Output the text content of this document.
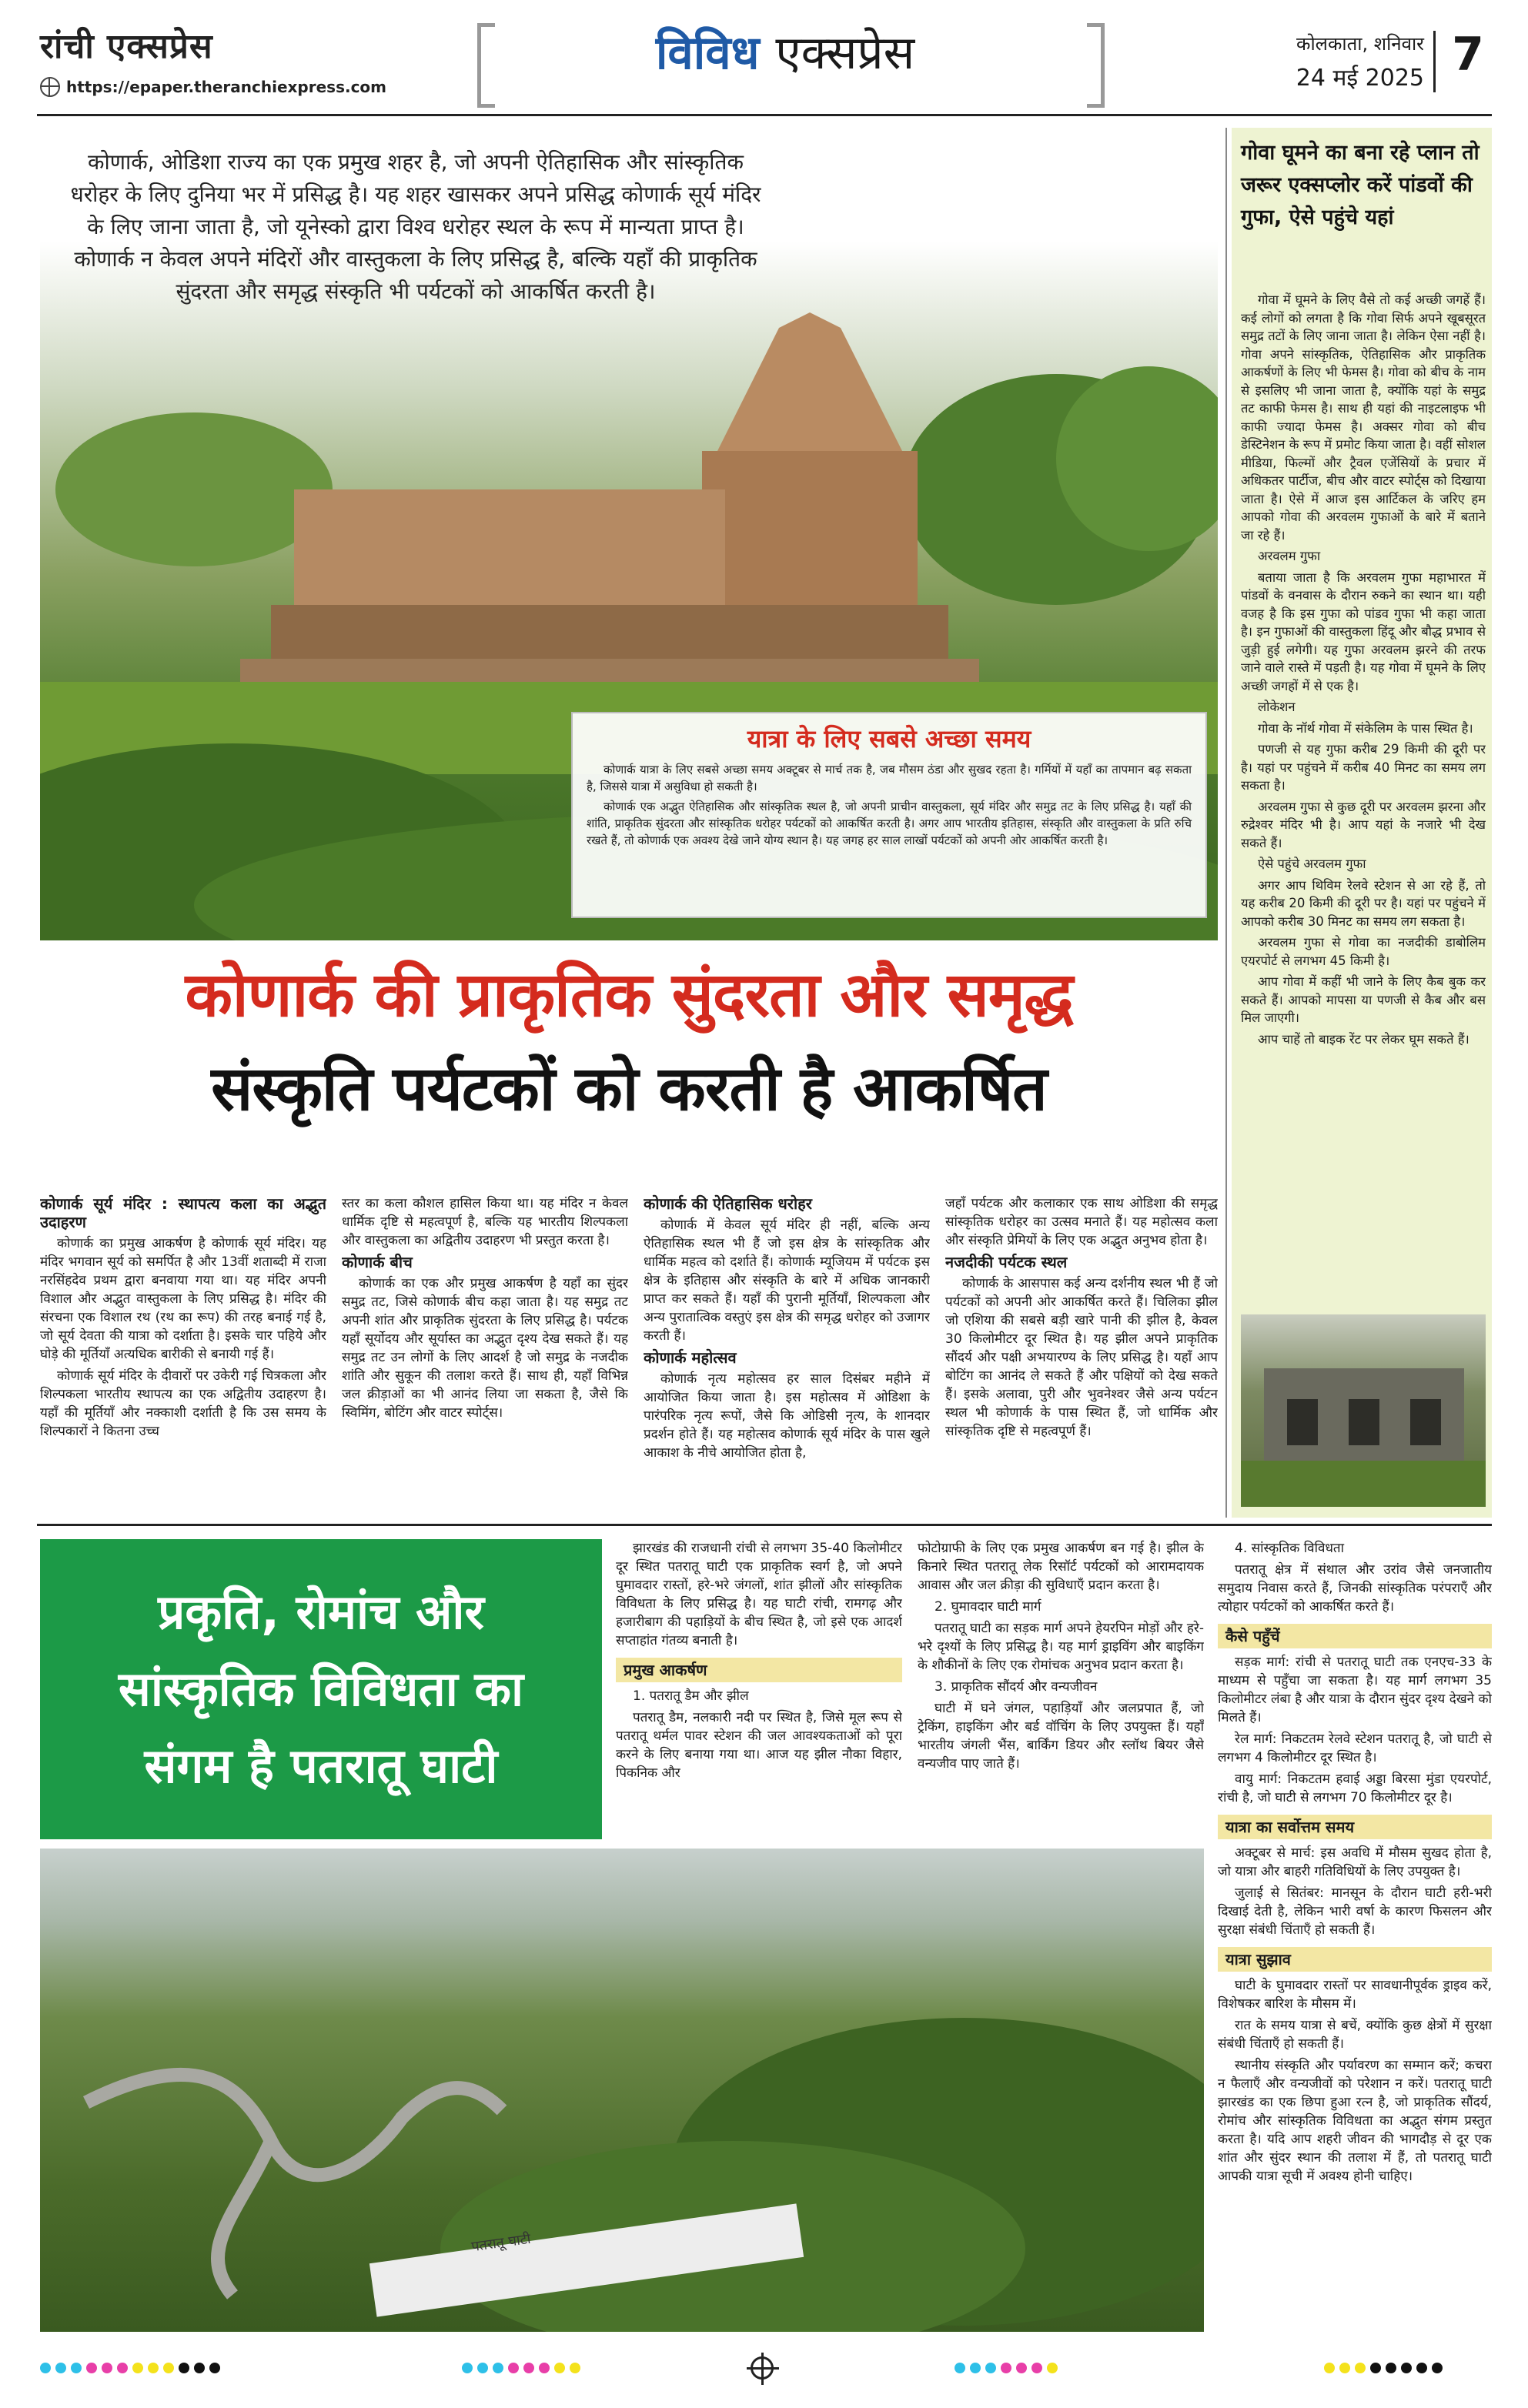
रांची एक्सप्रेस
https://epaper.theranchiexpress.com
विविध एक्सप्रेस	कोलकाता, शनिवार
24 मई 2025 7
कोणार्क, ओडिशा राज्य का एक प्रमुख शहर है, जो अपनी ऐतिहासिक और सांस्कृतिक धरोहर के लिए दुनिया भर में प्रसिद्ध है। यह शहर खासकर अपने प्रसिद्ध कोणार्क सूर्य मंदिर के लिए जाना जाता है, जो यूनेस्को द्वारा विश्व धरोहर स्थल के रूप में मान्यता प्राप्त है। कोणार्क न केवल अपने मंदिरों और वास्तुकला के लिए प्रसिद्ध है, बल्कि यहाँ की प्राकृतिक सुंदरता और समृद्ध संस्कृति भी पर्यटकों को आकर्षित करती है।
यात्रा के लिए सबसे अच्छा समय

कोणार्क यात्रा के लिए सबसे अच्छा समय अक्टूबर से मार्च तक है, जब मौसम ठंडा और सुखद रहता है। गर्मियों में यहाँ का तापमान बढ़ सकता है, जिससे यात्रा में असुविधा हो सकती है।

कोणार्क एक अद्भुत ऐतिहासिक और सांस्कृतिक स्थल है, जो अपनी प्राचीन वास्तुकला, सूर्य मंदिर और समुद्र तट के लिए प्रसिद्ध है। यहाँ की शांति, प्राकृतिक सुंदरता और सांस्कृतिक धरोहर पर्यटकों को आकर्षित करती है। अगर आप भारतीय इतिहास, संस्कृति और वास्तुकला के प्रति रुचि रखते हैं, तो कोणार्क एक अवश्य देखे जाने योग्य स्थान है। यह जगह हर साल लाखों पर्यटकों को अपनी ओर आकर्षित करती है।

कोणार्क की प्राकृतिक सुंदरता और समृद्ध
संस्कृति पर्यटकों को करती है आकर्षित

कोणार्क सूर्य मंदिर : स्थापत्य कला का अद्भुत उदाहरण

कोणार्क का प्रमुख आकर्षण है कोणार्क सूर्य मंदिर। यह मंदिर भगवान सूर्य को समर्पित है और 13वीं शताब्दी में राजा नरसिंहदेव प्रथम द्वारा बनवाया गया था। यह मंदिर अपनी विशाल और अद्भुत वास्तुकला के लिए प्रसिद्ध है। मंदिर की संरचना एक विशाल रथ (रथ का रूप) की तरह बनाई गई है, जो सूर्य देवता की यात्रा को दर्शाता है। इसके चार पहिये और घोड़े की मूर्तियाँ अत्यधिक बारीकी से बनायी गई हैं।

कोणार्क सूर्य मंदिर के दीवारों पर उकेरी गई चित्रकला और शिल्पकला भारतीय स्थापत्य का एक अद्वितीय उदाहरण है। यहाँ की मूर्तियाँ और नक्काशी दर्शाती है कि उस समय के शिल्पकारों ने कितना उच्च

स्तर का कला कौशल हासिल किया था। यह मंदिर न केवल धार्मिक दृष्टि से महत्वपूर्ण है, बल्कि यह भारतीय शिल्पकला और वास्तुकला का अद्वितीय उदाहरण भी प्रस्तुत करता है।

कोणार्क बीच

कोणार्क का एक और प्रमुख आकर्षण है यहाँ का सुंदर समुद्र तट, जिसे कोणार्क बीच कहा जाता है। यह समुद्र तट अपनी शांत और प्राकृतिक सुंदरता के लिए प्रसिद्ध है। पर्यटक यहाँ सूर्योदय और सूर्यास्त का अद्भुत दृश्य देख सकते हैं। यह समुद्र तट उन लोगों के लिए आदर्श है जो समुद्र के नजदीक शांति और सुकून की तलाश करते हैं। साथ ही, यहाँ विभिन्न जल क्रीड़ाओं का भी आनंद लिया जा सकता है, जैसे कि स्विमिंग, बोटिंग और वाटर स्पोर्ट्स।

कोणार्क की ऐतिहासिक धरोहर

कोणार्क में केवल सूर्य मंदिर ही नहीं, बल्कि अन्य ऐतिहासिक स्थल भी हैं जो इस क्षेत्र के सांस्कृतिक और धार्मिक महत्व को दर्शाते हैं। कोणार्क म्यूजियम में पर्यटक इस क्षेत्र के इतिहास और संस्कृति के बारे में अधिक जानकारी प्राप्त कर सकते हैं। यहाँ की पुरानी मूर्तियाँ, शिल्पकला और अन्य पुरातात्विक वस्तुएं इस क्षेत्र की समृद्ध धरोहर को उजागर करती हैं।

कोणार्क महोत्सव

कोणार्क नृत्य महोत्सव हर साल दिसंबर महीने में आयोजित किया जाता है। इस महोत्सव में ओडिशा के पारंपरिक नृत्य रूपों, जैसे कि ओडिसी नृत्य, के शानदार प्रदर्शन होते हैं। यह महोत्सव कोणार्क सूर्य मंदिर के पास खुले आकाश के नीचे आयोजित होता है,

जहाँ पर्यटक और कलाकार एक साथ ओडिशा की समृद्ध सांस्कृतिक धरोहर का उत्सव मनाते हैं। यह महोत्सव कला और संस्कृति प्रेमियों के लिए एक अद्भुत अनुभव होता है।

नजदीकी पर्यटक स्थल

कोणार्क के आसपास कई अन्य दर्शनीय स्थल भी हैं जो पर्यटकों को अपनी ओर आकर्षित करते हैं। चिलिका झील जो एशिया की सबसे बड़ी खारे पानी की झील है, केवल 30 किलोमीटर दूर स्थित है। यह झील अपने प्राकृतिक सौंदर्य और पक्षी अभयारण्य के लिए प्रसिद्ध है। यहाँ आप बोटिंग का आनंद ले सकते हैं और पक्षियों को देख सकते हैं। इसके अलावा, पुरी और भुवनेश्वर जैसे अन्य पर्यटन स्थल भी कोणार्क के पास स्थित हैं, जो धार्मिक और सांस्कृतिक दृष्टि से महत्वपूर्ण हैं।

गोवा घूमने का बना रहे प्लान तो जरूर एक्सप्लोर करें पांडवों की गुफा, ऐसे पहुंचे यहां

गोवा में घूमने के लिए वैसे तो कई अच्छी जगहें हैं। कई लोगों को लगता है कि गोवा सिर्फ अपने खूबसूरत समुद्र तटों के लिए जाना जाता है। लेकिन ऐसा नहीं है। गोवा अपने सांस्कृतिक, ऐतिहासिक और प्राकृतिक आकर्षणों के लिए भी फेमस है। गोवा को बीच के नाम से इसलिए भी जाना जाता है, क्योंकि यहां के समुद्र तट काफी फेमस है। साथ ही यहां की नाइटलाइफ भी काफी ज्यादा फेमस है। अक्सर गोवा को बीच डेस्टिनेशन के रूप में प्रमोट किया जाता है। वहीं सोशल मीडिया, फिल्मों और ट्रैवल एजेंसियों के प्रचार में अधिकतर पार्टीज, बीच और वाटर स्पोर्ट्स को दिखाया जाता है। ऐसे में आज इस आर्टिकल के जरिए हम आपको गोवा की अरवलम गुफाओं के बारे में बताने जा रहे हैं।

अरवलम गुफा

बताया जाता है कि अरवलम गुफा महाभारत में पांडवों के वनवास के दौरान रुकने का स्थान था। यही वजह है कि इस गुफा को पांडव गुफा भी कहा जाता है। इन गुफाओं की वास्तुकला हिंदू और बौद्ध प्रभाव से जुड़ी हुई लगेगी। यह गुफा अरवलम झरने की तरफ जाने वाले रास्ते में पड़ती है। यह गोवा में घूमने के लिए अच्छी जगहों में से एक है।

लोकेशन

गोवा के नॉर्थ गोवा में संकेलिम के पास स्थित है।

पणजी से यह गुफा करीब 29 किमी की दूरी पर है। यहां पर पहुंचने में करीब 40 मिनट का समय लग सकता है।

अरवलम गुफा से कुछ दूरी पर अरवलम झरना और रुद्रेश्वर मंदिर भी है। आप यहां के नजारे भी देख सकते हैं।

ऐसे पहुंचे अरवलम गुफा

अगर आप थिविम रेलवे स्टेशन से आ रहे हैं, तो यह करीब 20 किमी की दूरी पर है। यहां पर पहुंचने में आपको करीब 30 मिनट का समय लग सकता है।

अरवलम गुफा से गोवा का नजदीकी डाबोलिम एयरपोर्ट से लगभग 45 किमी है।

आप गोवा में कहीं भी जाने के लिए कैब बुक कर सकते हैं। आपको मापसा या पणजी से कैब और बस मिल जाएगी।

आप चाहें तो बाइक रेंट पर लेकर घूम सकते हैं।

प्रकृति, रोमांच और
सांस्कृतिक विविधता का
संगम है पतरातू घाटी

झारखंड की राजधानी रांची से लगभग 35-40 किलोमीटर दूर स्थित पतरातू घाटी एक प्राकृतिक स्वर्ग है, जो अपने घुमावदार रास्तों, हरे-भरे जंगलों, शांत झीलों और सांस्कृतिक विविधता के लिए प्रसिद्ध है। यह घाटी रांची, रामगढ़ और हजारीबाग की पहाड़ियों के बीच स्थित है, जो इसे एक आदर्श सप्ताहांत गंतव्य बनाती है।

प्रमुख आकर्षण

1. पतरातू डैम और झील

पतरातू डैम, नलकारी नदी पर स्थित है, जिसे मूल रूप से पतरातू थर्मल पावर स्टेशन की जल आवश्यकताओं को पूरा करने के लिए बनाया गया था। आज यह झील नौका विहार, पिकनिक और

फोटोग्राफी के लिए एक प्रमुख आकर्षण बन गई है। झील के किनारे स्थित पतरातू लेक रिसॉर्ट पर्यटकों को आरामदायक आवास और जल क्रीड़ा की सुविधाएँ प्रदान करता है।

2. घुमावदार घाटी मार्ग

पतरातू घाटी का सड़क मार्ग अपने हेयरपिन मोड़ों और हरे-भरे दृश्यों के लिए प्रसिद्ध है। यह मार्ग ड्राइविंग और बाइकिंग के शौकीनों के लिए एक रोमांचक अनुभव प्रदान करता है।

3. प्राकृतिक सौंदर्य और वन्यजीवन

घाटी में घने जंगल, पहाड़ियाँ और जलप्रपात हैं, जो ट्रेकिंग, हाइकिंग और बर्ड वॉचिंग के लिए उपयुक्त हैं। यहाँ भारतीय जंगली भैंस, बार्किंग डियर और स्लॉथ बियर जैसे वन्यजीव पाए जाते हैं।

4. सांस्कृतिक विविधता

पतरातू क्षेत्र में संथाल और उरांव जैसे जनजातीय समुदाय निवास करते हैं, जिनकी सांस्कृतिक परंपराएँ और त्योहार पर्यटकों को आकर्षित करते हैं।

कैसे पहुँचें

सड़क मार्ग: रांची से पतरातू घाटी तक एनएच-33 के माध्यम से पहुँचा जा सकता है। यह मार्ग लगभग 35 किलोमीटर लंबा है और यात्रा के दौरान सुंदर दृश्य देखने को मिलते हैं।

रेल मार्ग: निकटतम रेलवे स्टेशन पतरातू है, जो घाटी से लगभग 4 किलोमीटर दूर स्थित है।

वायु मार्ग: निकटतम हवाई अड्डा बिरसा मुंडा एयरपोर्ट, रांची है, जो घाटी से लगभग 70 किलोमीटर दूर है।

यात्रा का सर्वोत्तम समय

अक्टूबर से मार्च: इस अवधि में मौसम सुखद होता है, जो यात्रा और बाहरी गतिविधियों के लिए उपयुक्त है।

जुलाई से सितंबर: मानसून के दौरान घाटी हरी-भरी दिखाई देती है, लेकिन भारी वर्षा के कारण फिसलन और सुरक्षा संबंधी चिंताएँ हो सकती हैं।

यात्रा सुझाव

घाटी के घुमावदार रास्तों पर सावधानीपूर्वक ड्राइव करें, विशेषकर बारिश के मौसम में।

रात के समय यात्रा से बचें, क्योंकि कुछ क्षेत्रों में सुरक्षा संबंधी चिंताएँ हो सकती हैं।

स्थानीय संस्कृति और पर्यावरण का सम्मान करें; कचरा न फैलाएँ और वन्यजीवों को परेशान न करें। पतरातू घाटी झारखंड का एक छिपा हुआ रत्न है, जो प्राकृतिक सौंदर्य, रोमांच और सांस्कृतिक विविधता का अद्भुत संगम प्रस्तुत करता है। यदि आप शहरी जीवन की भागदौड़ से दूर एक शांत और सुंदर स्थान की तलाश में हैं, तो पतरातू घाटी आपकी यात्रा सूची में अवश्य होनी चाहिए।

पतरातू घाटी
